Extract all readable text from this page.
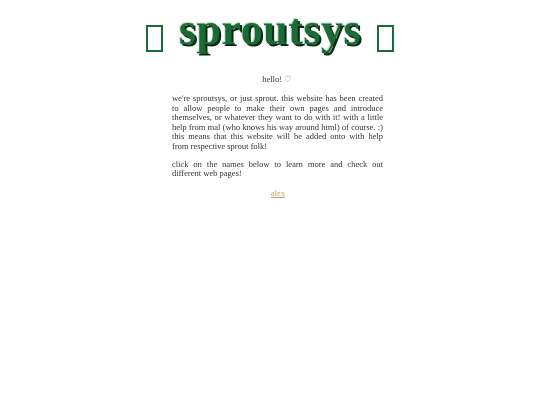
sproutsys
hello! ♡

we're sproutsys, or just sprout. this website has been created to allow people to make their own pages and introduce themselves, or whatever they want to do with it! with a little help from mal (who knows his way around html) of course. :) this means that this website will be added onto with help from respective sprout folk!

click on the names below to learn more and check out different web pages!

alex
